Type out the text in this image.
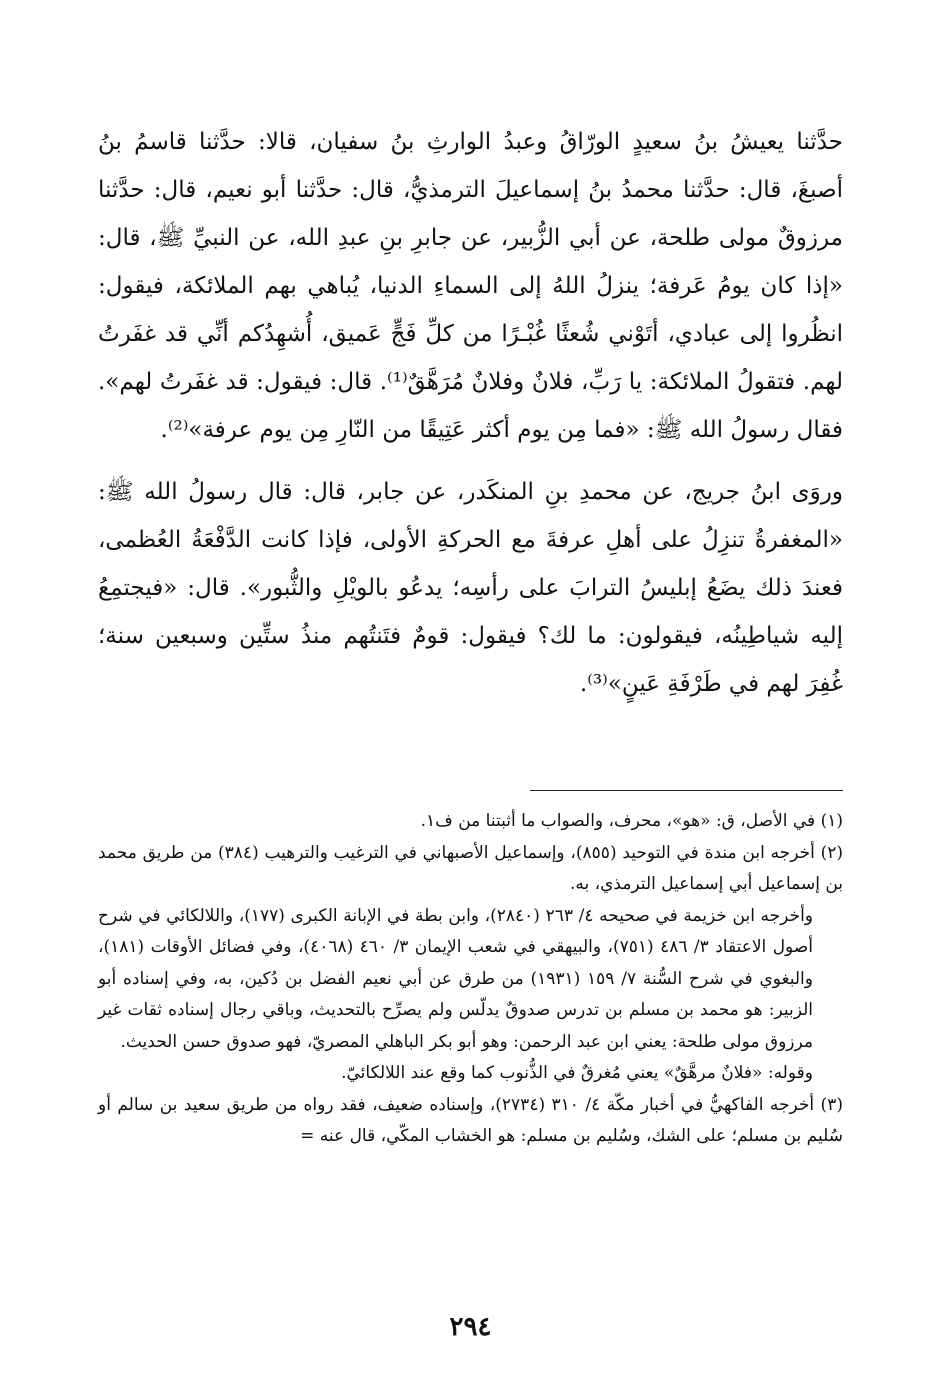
حدَّثنا يعيشُ بنُ سعيدٍ الورّاقُ وعبدُ الوارثِ بنُ سفيان، قالا: حدَّثنا قاسمُ بنُ أصبغَ، قال: حدَّثنا محمدُ بنُ إسماعيلَ الترمذيُّ، قال: حدَّثنا أبو نعيم، قال: حدَّثنا مرزوقٌ مولى طلحة، عن أبي الزُّبير، عن جابرِ بنِ عبدِ الله، عن النبيِّ ﷺ، قال: «إذا كان يومُ عَرفة؛ ينزلُ اللهُ إلى السماءِ الدنيا، يُباهي بهم الملائكة، فيقول: انظُروا إلى عبادي، أتَوْني شُعثًا غُبْـرًا من كلِّ فَجٍّ عَميق، أُشهِدُكم أنِّي قد غفَرتُ لهم. فتقولُ الملائكة: يا رَبِّ، فلانٌ وفلانٌ مُرَهَّقٌ⁽¹⁾. قال: فيقول: قد غفَرتُ لهم». فقال رسولُ الله ﷺ: «فما مِن يوم أكثر عَتِيقًا من النّارِ مِن يوم عرفة»⁽²⁾.

وروَى ابنُ جريج، عن محمدِ بنِ المنكَدر، عن جابر، قال: قال رسولُ الله ﷺ: «المغفرةُ تنزِلُ على أهلِ عرفةَ مع الحركةِ الأولى، فإذا كانت الدَّفْعَةُ العُظمى، فعندَ ذلك يضَعُ إبليسُ الترابَ على رأسِه؛ يدعُو بالويْلِ والثُّبور». قال: «فيجتمِعُ إليه شياطِينُه، فيقولون: ما لك؟ فيقول: قومٌ فتَنتُهم منذُ ستِّين وسبعين سنة؛ غُفِرَ لهم في طَرْفَةِ عَينٍ»⁽³⁾.

(١) في الأصل، ق: «هو»، محرف، والصواب ما أثبتنا من ف١.

(٢) أخرجه ابن مندة في التوحيد (٨٥٥)، وإسماعيل الأصبهاني في الترغيب والترهيب (٣٨٤) من طريق محمد بن إسماعيل أبي إسماعيل الترمذي، به.

وأخرجه ابن خزيمة في صحيحه ٤/ ٢٦٣ (٢٨٤٠)، وابن بطة في الإبانة الكبرى (١٧٧)، واللالكائي في شرح أصول الاعتقاد ٣/ ٤٨٦ (٧٥١)، والبيهقي في شعب الإيمان ٣/ ٤٦٠ (٤٠٦٨)، وفي فضائل الأوقات (١٨١)، والبغوي في شرح السُّنة ٧/ ١٥٩ (١٩٣١) من طرق عن أبي نعيم الفضل بن دُكين، به، وفي إسناده أبو الزبير: هو محمد بن مسلم بن تدرس صدوقٌ يدلّس ولم يصرِّح بالتحديث، وباقي رجال إسناده ثقات غير مرزوق مولى طلحة: يعني ابن عبد الرحمن: وهو أبو بكر الباهلي المصريّ، فهو صدوق حسن الحديث.

وقوله: «فلانٌ مرهَّقٌ» يعني مُغرقٌ في الذُّنوب كما وقع عند اللالكائيّ.

(٣) أخرجه الفاكهيُّ في أخبار مكّة ٤/ ٣١٠ (٢٧٣٤)، وإسناده ضعيف، فقد رواه من طريق سعيد بن سالم أو سُليم بن مسلم؛ على الشك، وسُليم بن مسلم: هو الخشاب المكّي، قال عنه =

٢٩٤
